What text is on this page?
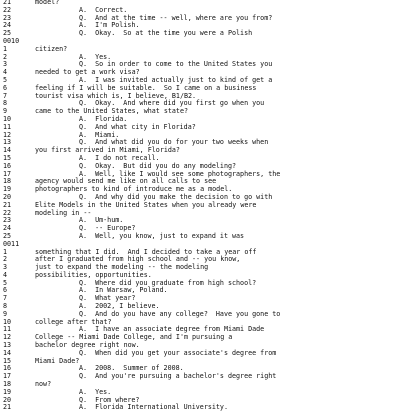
21	model?
22	A.  Correct.
23	Q.  And at the time -- well, where are you from?
24	A.  I'm Polish.
25	Q.  Okay.  So at the time you were a Polish
0010
1	citizen?
2	A.  Yes.
3	Q.  So in order to come to the United States you
4	needed to get a work visa?
5	A.  I was invited actually just to kind of get a
6	feeling if I will be suitable.  So I came on a business
7	tourist visa which is, I believe, B1/B2.
8	Q.  Okay.  And where did you first go when you
9	came to the United States, what state?
10	A.  Florida.
11	Q.  And what city in Florida?
12	A.  Miami.
13	Q.  And what did you do for your two weeks when
14	you first arrived in Miami, Florida?
15	A.  I do not recall.
16	Q.  Okay.  But did you do any modeling?
17	A.  Well, like I would see some photographers, the
18	agency would send me like on all calls to see
19	photographers to kind of introduce me as a model.
20	Q.  And why did you make the decision to go with
21	Elite Models in the United States when you already were
22	modeling in --
23	A.  Um-hum.
24	Q.  -- Europe?
25	A.  Well, you know, just to expand it was
0011
1	something that I did.  And I decided to take a year off
2	after I graduated from high school and -- you know,
3	just to expand the modeling -- the modeling
4	possibilities, opportunities.
5	Q.  Where did you graduate from high school?
6	A.  In Warsaw, Poland.
7	Q.  What year?
8	A.  2002, I believe.
9	Q.  And do you have any college?  Have you gone to
10	college after that?
11	A.  I have an associate degree from Miami Dade
12	College -- Miami Dade College, and I'm pursuing a
13	bachelor degree right now.
14	Q.  When did you get your associate's degree from
15	Miami Dade?
16	A.  2008.  Summer of 2008.
17	Q.  And you're pursuing a bachelor's degree right
18	now?
19	A.  Yes.
20	Q.  From where?
21	A.  Florida International University.
